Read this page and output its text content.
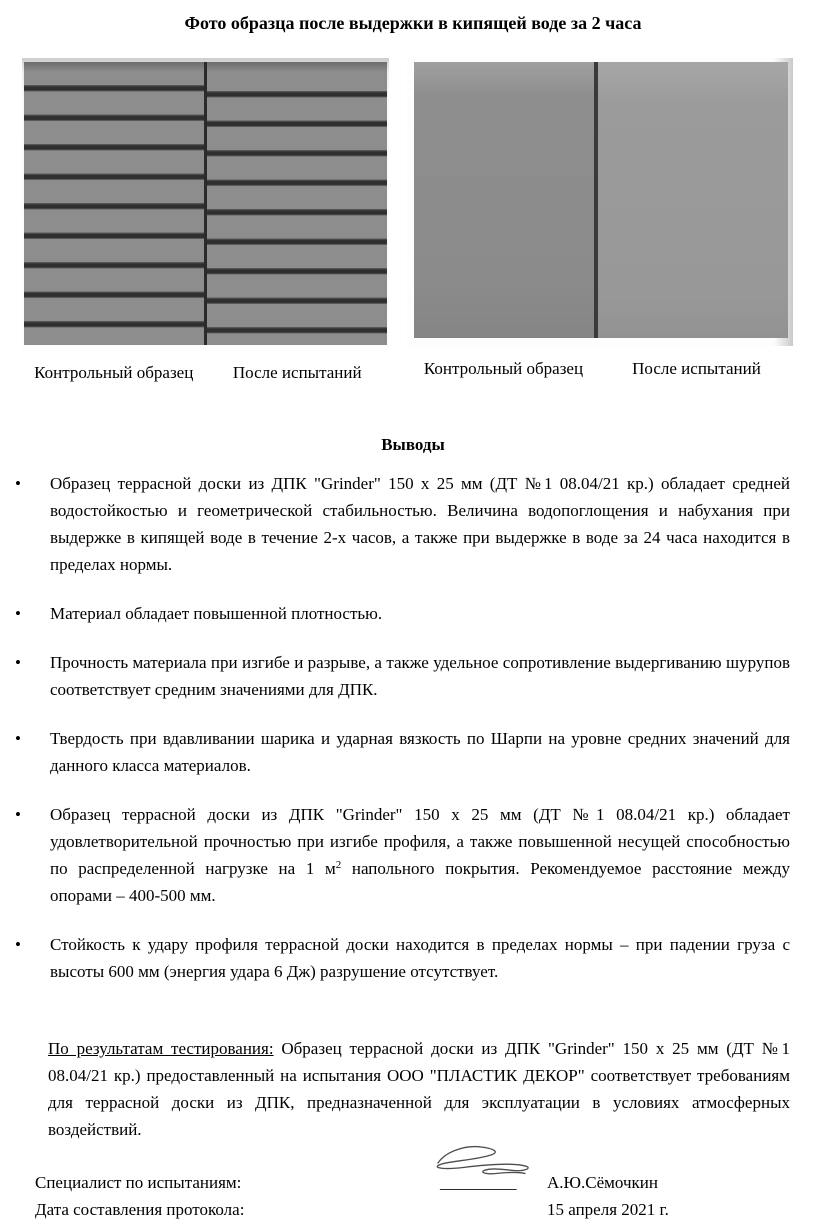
Фото образца после выдержки в кипящей воде за 2 часа
Контрольный образец	После испытаний	Контрольный образец	После испытаний
Выводы
•	Образец террасной доски из ДПК "Grinder" 150 х 25 мм (ДТ №1 08.04/21 кр.) обладает средней водостойкостью и геометрической стабильностью. Величина водопоглощения и набухания при выдержке в кипящей воде в течение 2-х часов, а также при выдержке в воде за 24 часа находится в пределах нормы.
•	Материал обладает повышенной плотностью.
•	Прочность материала при изгибе и разрыве, а также удельное сопротивление выдергиванию шурупов соответствует средним значениями для ДПК.
•	Твердость при вдавливании шарика и ударная вязкость по Шарпи на уровне средних значений для данного класса материалов.
•	Образец террасной доски из ДПК "Grinder" 150 х 25 мм (ДТ №1 08.04/21 кр.) обладает удовлетворительной прочностью при изгибе профиля, а также повышенной несущей способностью по распределенной нагрузке на 1 $м^2$ напольного покрытия. Рекомендуемое расстояние между опорами – 400-500 мм.
•	Стойкость к удару профиля террасной доски находится в пределах нормы – при падении груза с высоты 600 мм (энергия удара 6 Дж) разрушение отсутствует.

По результатам тестирования: Образец террасной доски из ДПК "Grinder" 150 х 25 мм (ДТ №1 08.04/21 кр.) предоставленный на испытания ООО "ПЛАСТИК ДЕКОР" соответствует требованиям для террасной доски из ДПК, предназначенной для эксплуатации в условиях атмосферных воздействий.

Специалист по испытаниям:	_________	А.Ю.Сёмочкин
Дата составления протокола:	15 апреля 2021 г.
